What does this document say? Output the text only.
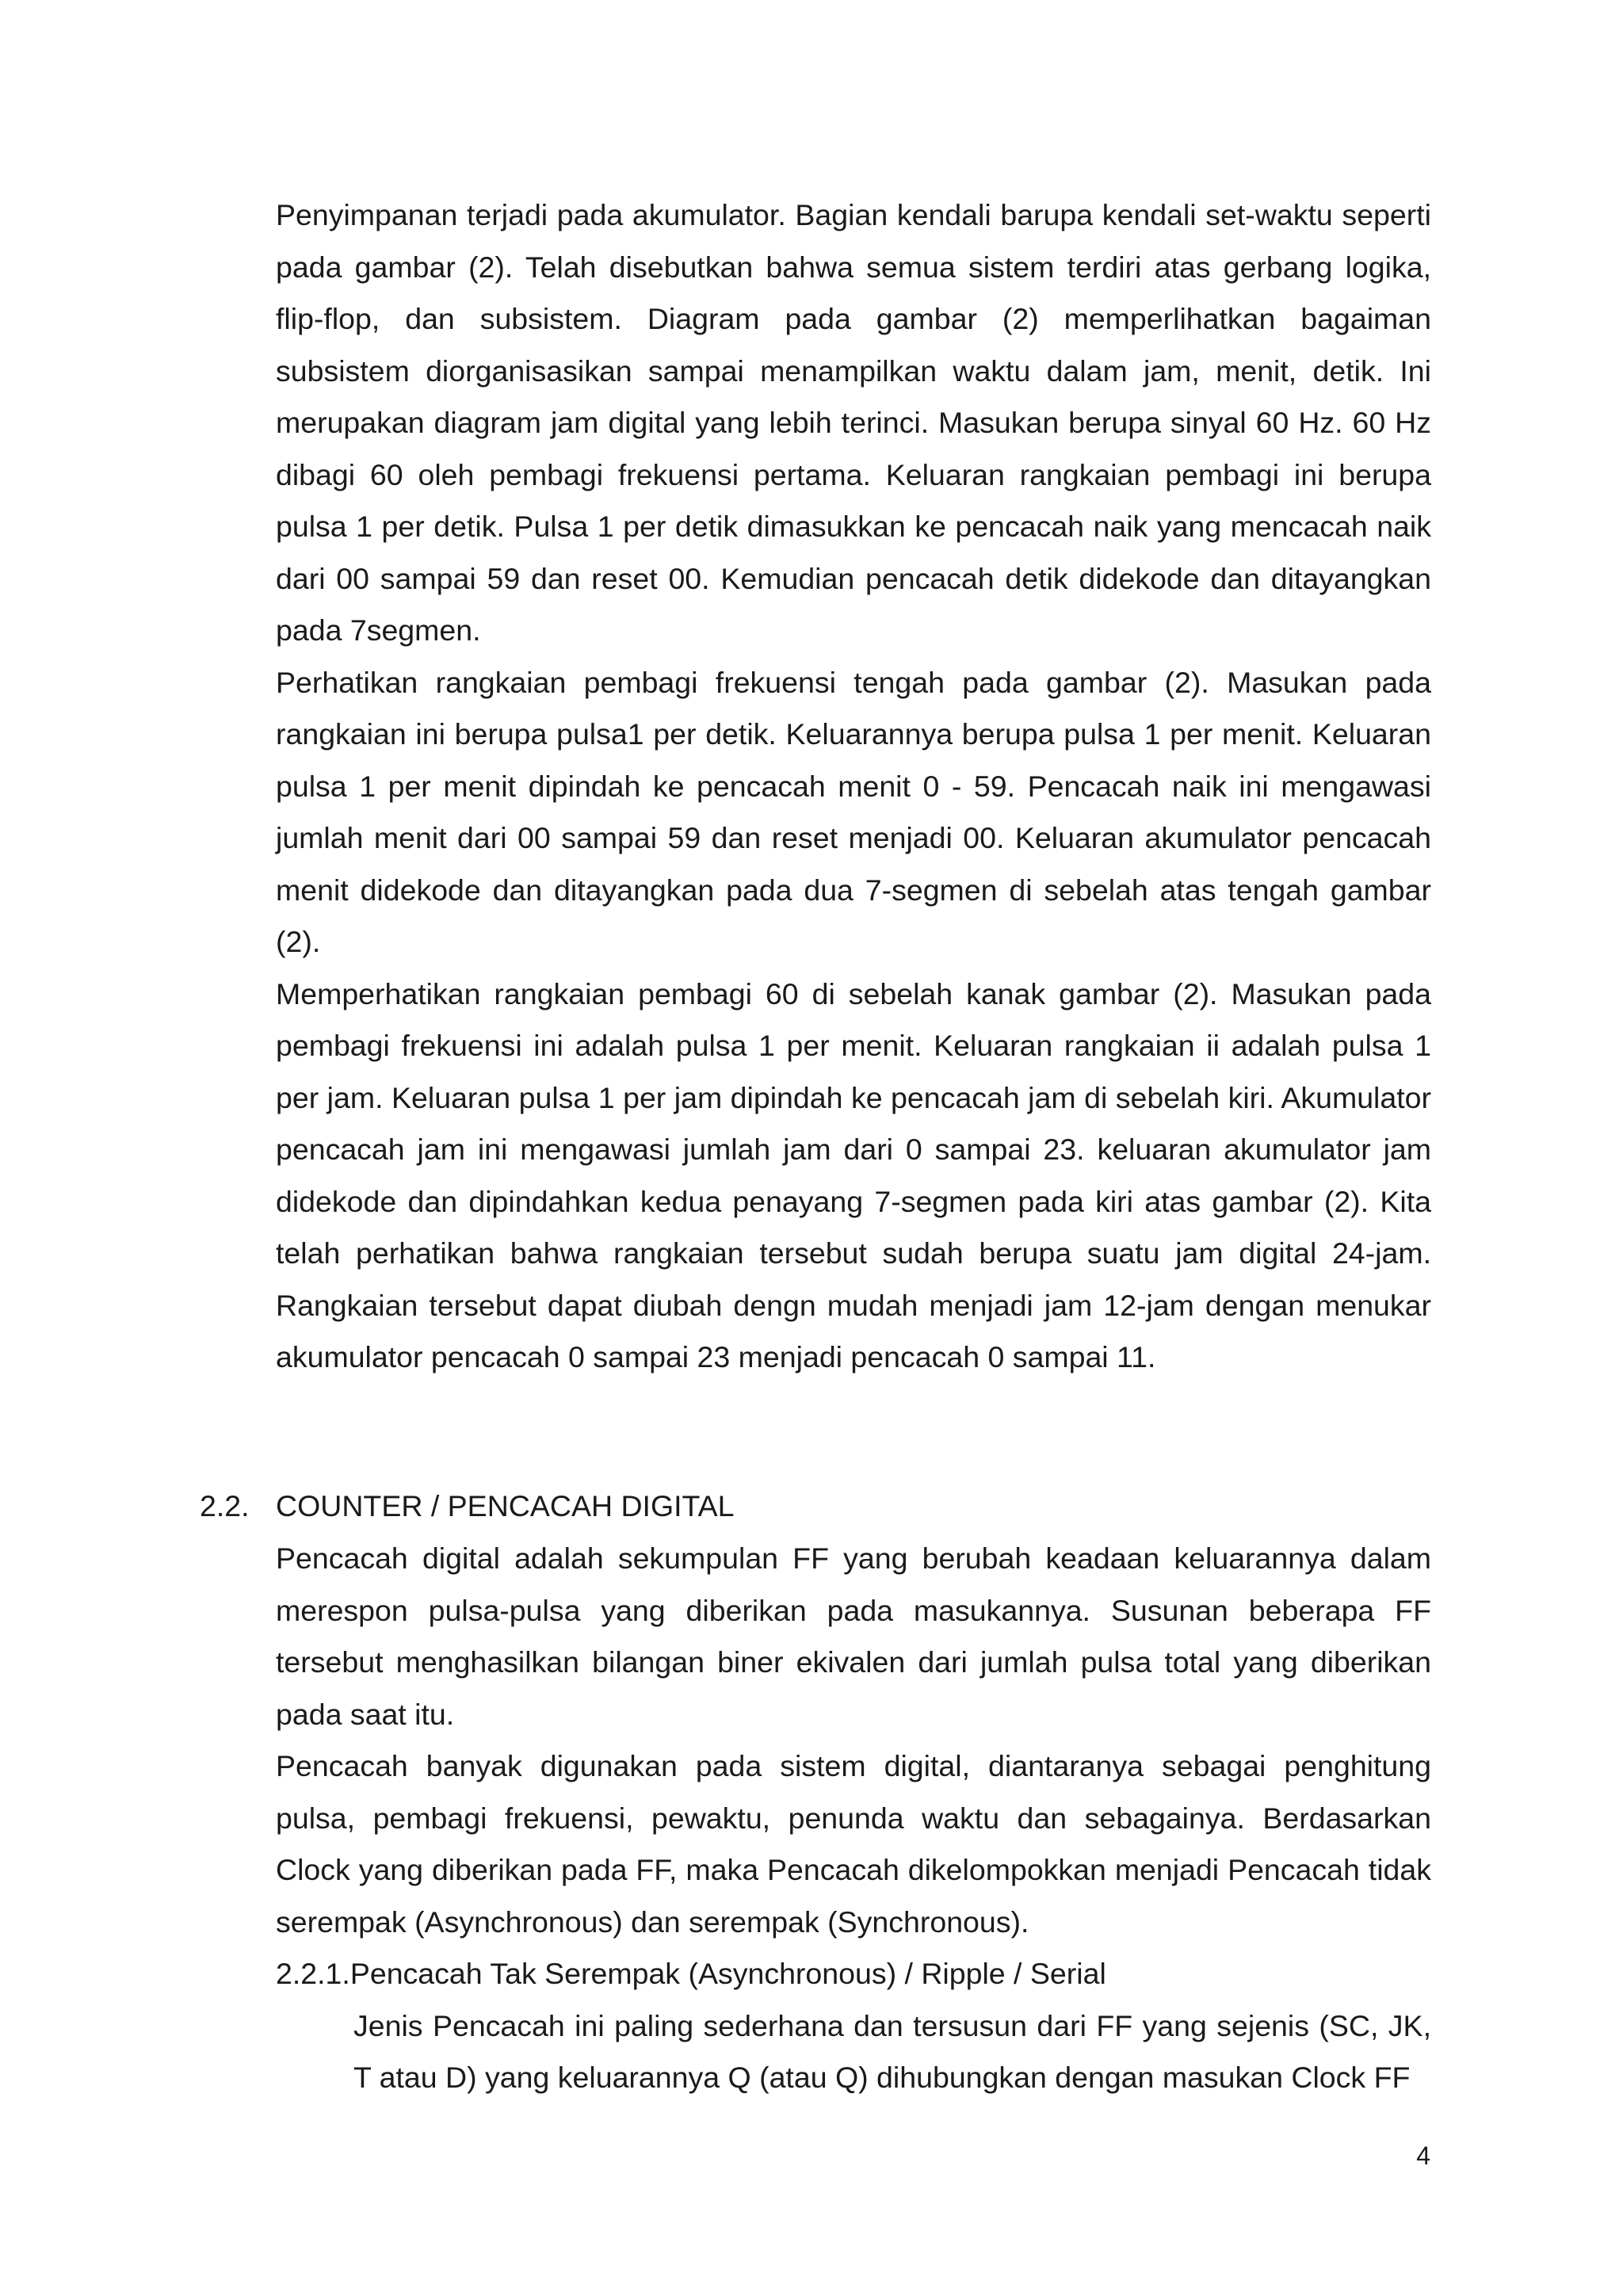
Penyimpanan terjadi pada akumulator. Bagian kendali barupa kendali set-waktu seperti pada gambar (2). Telah disebutkan bahwa semua sistem terdiri atas gerbang logika, flip-flop, dan subsistem. Diagram pada gambar (2) memperlihatkan bagaiman subsistem diorganisasikan sampai menampilkan waktu dalam jam, menit, detik. Ini merupakan diagram jam digital yang lebih terinci. Masukan berupa sinyal 60 Hz. 60 Hz dibagi 60 oleh pembagi frekuensi pertama. Keluaran rangkaian pembagi ini berupa pulsa 1 per detik. Pulsa 1 per detik dimasukkan ke pencacah naik yang mencacah naik dari 00 sampai 59 dan reset 00. Kemudian pencacah detik didekode dan ditayangkan pada 7segmen.

Perhatikan rangkaian pembagi frekuensi tengah pada gambar (2). Masukan pada rangkaian ini berupa pulsa1 per detik. Keluarannya berupa pulsa 1 per menit. Keluaran pulsa 1 per menit dipindah ke pencacah menit 0 - 59. Pencacah naik ini mengawasi jumlah menit dari 00 sampai 59 dan reset menjadi 00. Keluaran akumulator pencacah menit didekode dan ditayangkan pada dua 7-segmen di sebelah atas tengah gambar (2).

Memperhatikan rangkaian pembagi 60 di sebelah kanak gambar (2). Masukan pada pembagi frekuensi ini adalah pulsa 1 per menit. Keluaran rangkaian ii adalah pulsa 1 per jam. Keluaran pulsa 1 per jam dipindah ke pencacah jam di sebelah kiri. Akumulator pencacah jam ini mengawasi jumlah jam dari 0 sampai 23. keluaran akumulator jam didekode dan dipindahkan kedua penayang 7-segmen pada kiri atas gambar (2). Kita telah perhatikan bahwa rangkaian tersebut sudah berupa suatu jam digital 24-jam. Rangkaian tersebut dapat diubah dengn mudah menjadi jam 12-jam dengan menukar akumulator pencacah 0 sampai 23 menjadi pencacah 0 sampai 11.

2.2. COUNTER / PENCACAH DIGITAL

Pencacah digital adalah sekumpulan FF yang berubah keadaan keluarannya dalam merespon pulsa-pulsa yang diberikan pada masukannya. Susunan beberapa FF tersebut menghasilkan bilangan biner ekivalen dari jumlah pulsa total yang diberikan pada saat itu.

Pencacah banyak digunakan pada sistem digital, diantaranya sebagai penghitung pulsa, pembagi frekuensi, pewaktu, penunda waktu dan sebagainya. Berdasarkan Clock yang diberikan pada FF, maka Pencacah dikelompokkan menjadi Pencacah tidak serempak (Asynchronous) dan serempak (Synchronous).

2.2.1.Pencacah Tak Serempak (Asynchronous) / Ripple / Serial

Jenis Pencacah ini paling sederhana dan tersusun dari FF yang sejenis (SC, JK, T atau D) yang keluarannya Q (atau Q) dihubungkan dengan masukan Clock FF

4
